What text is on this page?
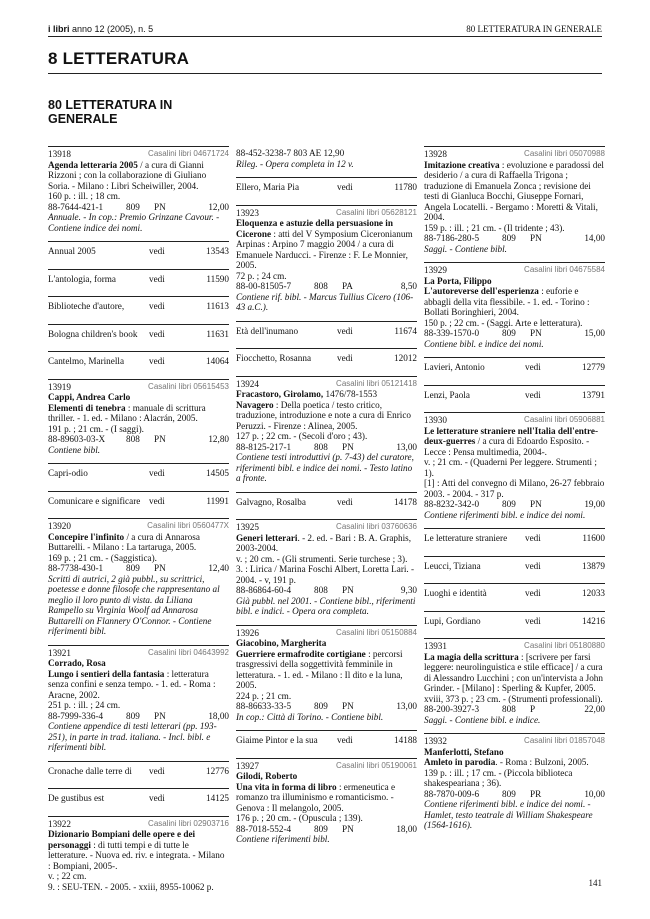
i libri anno 12 (2005), n. 5	80 LETTERATURA IN GENERALE
8 LETTERATURA
80 LETTERATURA IN GENERALE
13918	Casalini libri 04671724
Agenda letteraria 2005 / a cura di Gianni Rizzoni ; con la collaborazione di Giuliano Soria. - Milano : Libri Scheiwiller, 2004.
160 p. : ill. ; 18 cm.

88-7644-421-1	809	PN	12,00
Annuale. - In cop.: Premio Grinzane Cavour. - Contiene indice dei nomi.
Annual 2005	vedi	13543
L'antologia, forma	vedi	11590
Biblioteche d'autore,	vedi	11613
Bologna children's book	vedi	11631
Cantelmo, Marinella	vedi	14064
13919	Casalini libri 05615453
Cappi, Andrea Carlo
Elementi di tenebra : manuale di scrittura thriller. - 1. ed. - Milano : Alacrán, 2005.
191 p. ; 21 cm. - (I saggi).

88-89603-03-X	808	PN	12,80
Contiene bibl.
Capri-odio	vedi	14505
Comunicare e significare vedi	11991
13920	Casalini libri 0560477X
Concepire l'infinito / a cura di Annarosa Buttarelli. - Milano : La tartaruga, 2005.
169 p. ; 21 cm. - (Saggistica).

88-7738-430-1	809	PN	12,40
Scritti di autrici, 2 già pubbl., su scrittrici, poetesse e donne filosofe che rappresentano al meglio il loro punto di vista. da Liliana Rampello su Virginia Woolf ad Annarosa Buttarelli on Flannery O'Connor. - Contiene riferimenti bibl.
13921	Casalini libri 04643992
Corrado, Rosa
Lungo i sentieri della fantasia : letteratura senza confini e senza tempo. - 1. ed. - Roma : Aracne, 2002.
251 p. : ill. ; 24 cm.

88-7999-336-4	809	PN	18,00
Contiene appendice di testi letterari (pp. 193-251), in parte in trad. italiana. - Incl. bibl. e riferimenti bibl.
Cronache dalle terre di	vedi	12776
De gustibus est	vedi	14125
13922	Casalini libri 02903716
Dizionario Bompiani delle opere e dei personaggi : di tutti tempi e di tutte le letterature. - Nuova ed. riv. e integrata. - Milano : Bompiani, 2005-.
v. ; 22 cm.
9. : SEU-TEN. - 2005. - xxiii, 8955-10062 p.

88-452-3238-7 803 AE 12,90

Rileg. - Opera completa in 12 v.
Ellero, Maria Pia	vedi	11780
13923	Casalini libri 05628121
Eloquenza e astuzie della persuasione in Cicerone : atti del V Symposium Ciceronianum Arpinas : Arpino 7 maggio 2004 / a cura di Emanuele Narducci. - Firenze : F. Le Monnier, 2005.
72 p. ; 24 cm.

88-00-81505-7	808	PA	8,50
Contiene rif. bibl. - Marcus Tullius Cicero (106-43 a.C.).
Età dell'inumano	vedi	11674
Fiocchetto, Rosanna	vedi	12012
13924	Casalini libri 05121418
Fracastoro, Girolamo, 1476/78-1553
Navagero : Della poetica / testo critico, traduzione, introduzione e note a cura di Enrico Peruzzi. - Firenze : Alinea, 2005.
127 p. ; 22 cm. - (Secoli d'oro ; 43).

88-8125-217-1	808	PN	13,00
Contiene testi introduttivi (p. 7-43) del curatore, riferimenti bibl. e indice dei nomi. - Testo latino a fronte.
Galvagno, Rosalba	vedi	14178
13925	Casalini libri 03760636
Generi letterari. - 2. ed. - Bari : B. A. Graphis, 2003-2004.
v. ; 20 cm. - (Gli strumenti. Serie turchese ; 3).
3. : Lirica / Marina Foschi Albert, Loretta Lari. - 2004. - v, 191 p.

88-86864-60-4	808	PN	9,30
Già pubbl. nel 2001. - Contiene bibl., riferimenti bibl. e indici. - Opera ora completa.
13926	Casalini libri 05150884
Giacobino, Margherita
Guerriere ermafrodite cortigiane : percorsi trasgressivi della soggettività femminile in letteratura. - 1. ed. - Milano : Il dito e la luna, 2005.
224 p. ; 21 cm.

88-86633-33-5	809	PN	13,00
In cop.: Città di Torino. - Contiene bibl.
Giaime Pintor e la sua	vedi	14188
13927	Casalini libri 05190061
Gilodi, Roberto
Una vita in forma di libro : ermeneutica e romanzo tra illuminismo e romanticismo. - Genova : Il melangolo, 2005.
176 p. ; 20 cm. - (Opuscula ; 139).

88-7018-552-4	809	PN	18,00
Contiene riferimenti bibl.
13928	Casalini libri 05070988
Imitazione creativa : evoluzione e paradossi del desiderio / a cura di Raffaella Trigona ; traduzione di Emanuela Zonca ; revisione dei testi di Gianluca Bocchi, Giuseppe Fornari, Angela Locatelli. - Bergamo : Moretti & Vitali, 2004.
159 p. : ill. ; 21 cm. - (Il tridente ; 43).

88-7186-280-5	809	PN	14,00
Saggi. - Contiene bibl.
13929	Casalini libri 04675584
La Porta, Filippo
L'autoreverse dell'esperienza : euforie e abbagli della vita flessibile. - 1. ed. - Torino : Bollati Boringhieri, 2004.
150 p. ; 22 cm. - (Saggi. Arte e letteratura).

88-339-1570-0	809	PN	15,00
Contiene bibl. e indice dei nomi.
Lavieri, Antonio	vedi	12779
Lenzi, Paola	vedi	13791
13930	Casalini libri 05906881
Le letterature straniere nell'Italia dell'entre-deux-guerres / a cura di Edoardo Esposito. - Lecce : Pensa multimedia, 2004-.
v. ; 21 cm. - (Quaderni Per leggere. Strumenti ; 1).
[1] : Atti del convegno di Milano, 26-27 febbraio 2003. - 2004. - 317 p.

88-8232-342-0	809	PN	19,00
Contiene riferimenti bibl. e indice dei nomi.
Le letterature straniere	vedi	11600
Leucci, Tiziana	vedi	13879
Luoghi e identità	vedi	12033
Lupi, Gordiano	vedi	14216
13931	Casalini libri 05180880
La magia della scrittura : [scrivere per farsi leggere: neurolinguistica e stile efficace] / a cura di Alessandro Lucchini ; con un'intervista a John Grinder. - [Milano] : Sperling & Kupfer, 2005.
xviii, 373 p. ; 23 cm. - (Strumenti professionali).

88-200-3927-3	808	P	22,00
Saggi. - Contiene bibl. e indice.
13932	Casalini libri 01857048
Manferlotti, Stefano
Amleto in parodia. - Roma : Bulzoni, 2005.
139 p. : ill. ; 17 cm. - (Piccola biblioteca shakespeariana ; 36).

88-7870-009-6	809	PR	10,00
Contiene riferimenti bibl. e indice dei nomi. - Hamlet, testo teatrale di William Shakespeare (1564-1616).
141
